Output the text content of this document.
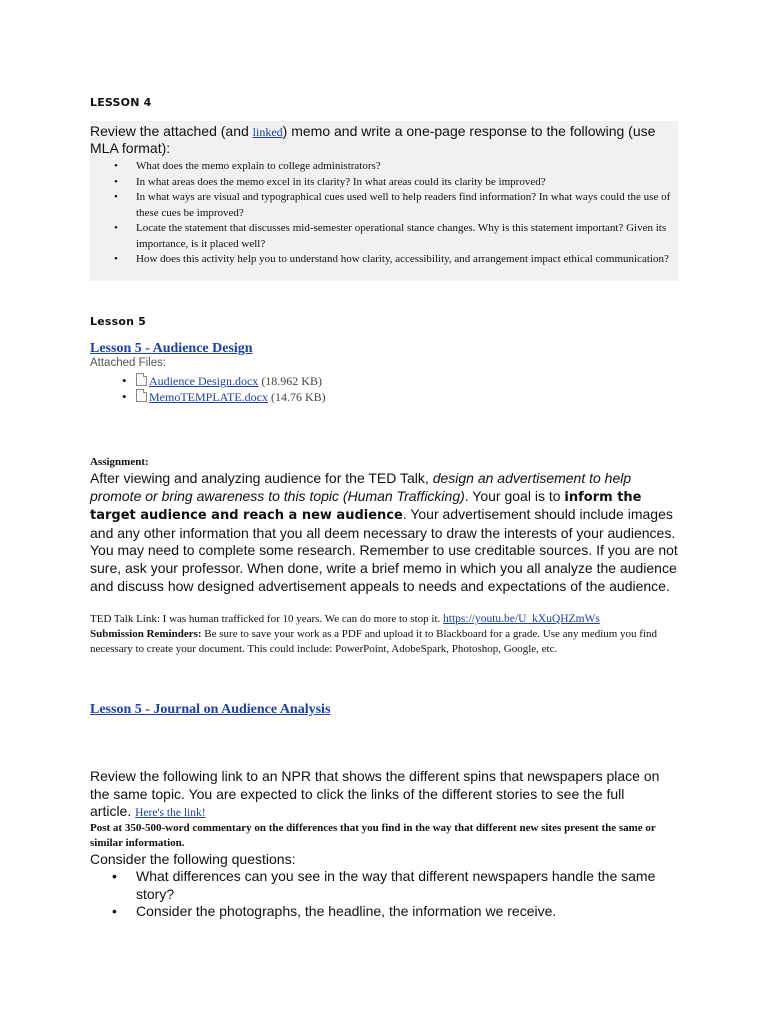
LESSON 4
Review the attached (and linked) memo and write a one-page response to the following (use MLA format):
• What does the memo explain to college administrators?
• In what areas does the memo excel in its clarity? In what areas could its clarity be improved?
• In what ways are visual and typographical cues used well to help readers find information? In what ways could the use of these cues be improved?
• Locate the statement that discusses mid-semester operational stance changes. Why is this statement important? Given its importance, is it placed well?
• How does this activity help you to understand how clarity, accessibility, and arrangement impact ethical communication?
Lesson 5
Lesson 5 - Audience Design
Attached Files:
• Audience Design.docx (18.962 KB)
• MemoTEMPLATE.docx (14.76 KB)
Assignment:
After viewing and analyzing audience for the TED Talk, design an advertisement to help promote or bring awareness to this topic (Human Trafficking). Your goal is to inform the target audience and reach a new audience. Your advertisement should include images and any other information that you all deem necessary to draw the interests of your audiences. You may need to complete some research. Remember to use creditable sources. If you are not sure, ask your professor. When done, write a brief memo in which you all analyze the audience and discuss how designed advertisement appeals to needs and expectations of the audience.
TED Talk Link: I was human trafficked for 10 years. We can do more to stop it. https://youtu.be/U_kXuQHZmWs
Submission Reminders: Be sure to save your work as a PDF and upload it to Blackboard for a grade. Use any medium you find necessary to create your document. This could include: PowerPoint, AdobeSpark, Photoshop, Google, etc.
Lesson 5 - Journal on Audience Analysis
Review the following link to an NPR that shows the different spins that newspapers place on the same topic. You are expected to click the links of the different stories to see the full article. Here's the link!
Post at 350-500-word commentary on the differences that you find in the way that different new sites present the same or similar information.
Consider the following questions:
• What differences can you see in the way that different newspapers handle the same story?
• Consider the photographs, the headline, the information we receive.
